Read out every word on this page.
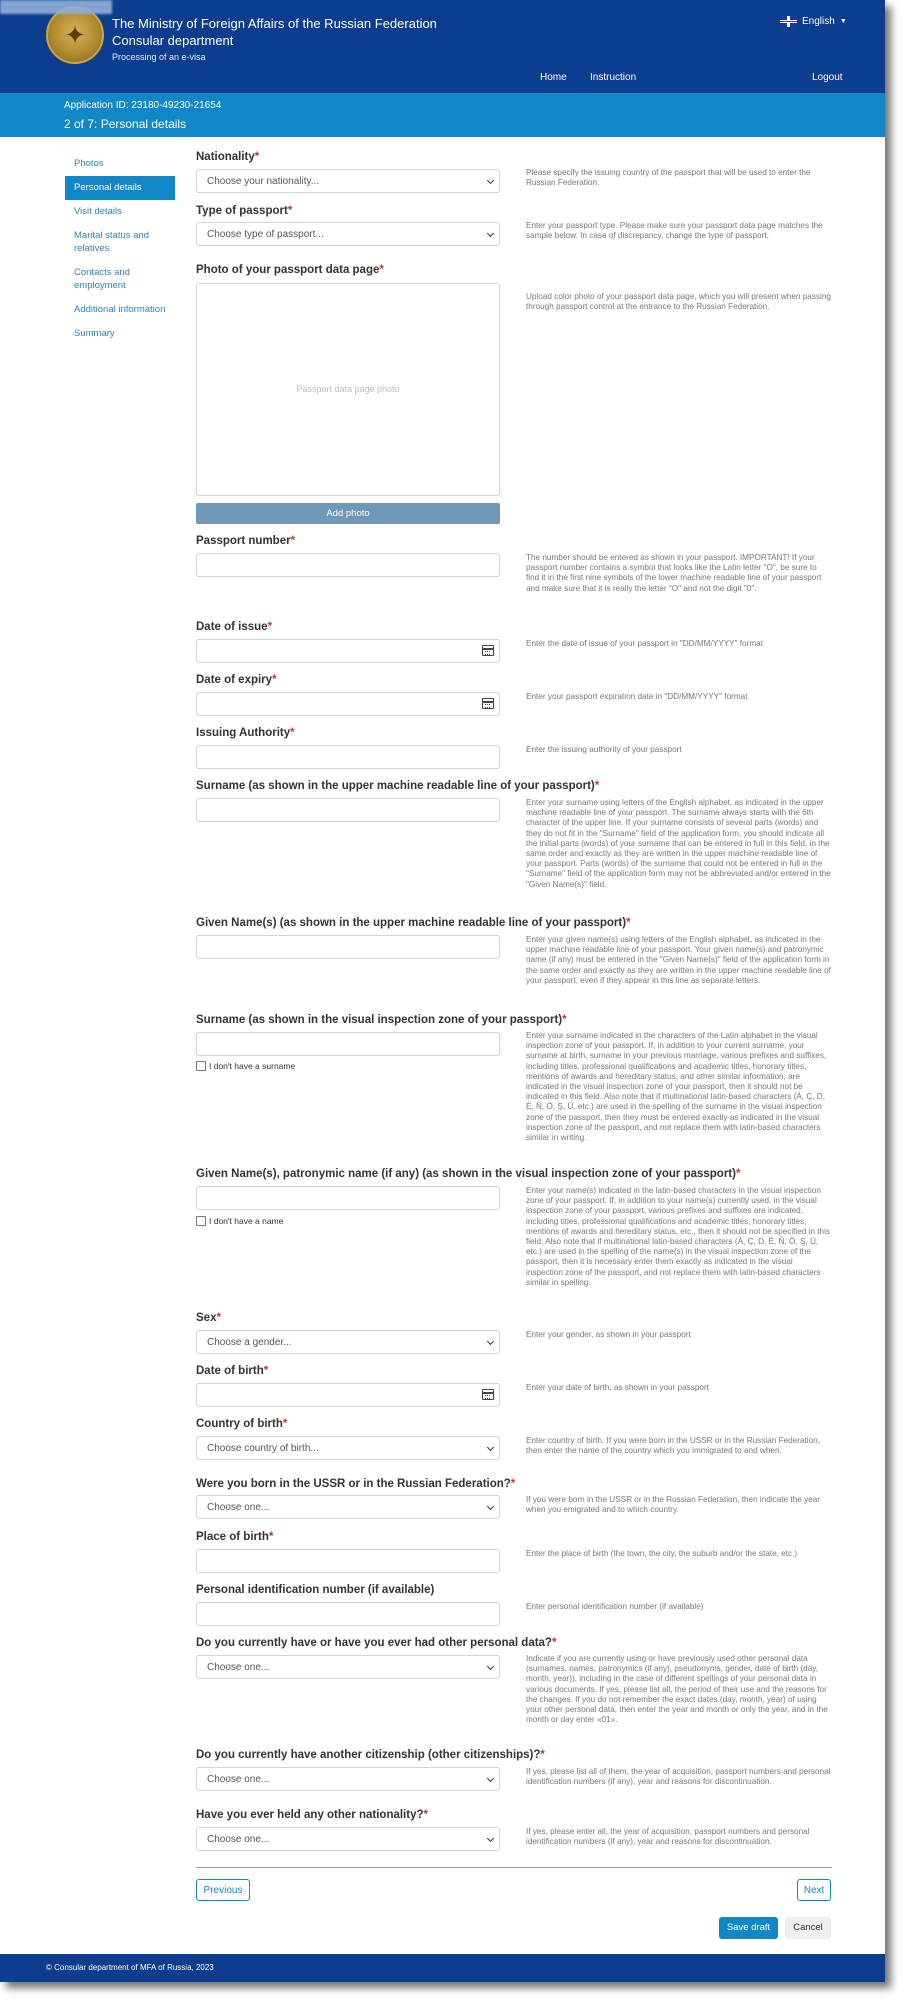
✦	The Ministry of Foreign Affairs of the Russian Federation
Consular department
Processing of an e-visa
English ▼
Home Instruction	Logout
Application ID: 23180-49230-21654
2 of 7: Personal details
Photos
Personal details
Visit details
Marital status and relatives
Contacts and employment
Additional information
Summary
Nationality*
Choose your nationality...
Please specify the issuing country of the passport that will be used to enter the Russian Federation.
Type of passport*
Choose type of passport...
Enter your passport type. Please make sure your passport data page matches the sample below. In case of discrepancy, change the type of passport.
Photo of your passport data page*
Passport data page photo
Add photo
Upload color photo of your passport data page, which you will present when passing through passport control at the entrance to the Russian Federation.
Passport number*
The number should be entered as shown in your passport. IMPORTANT! If your passport number contains a symbol that looks like the Latin letter "O", be sure to find it in the first nine symbols of the lower machine readable line of your passport and make sure that it is really the letter "O" and not the digit "0".
Date of issue*
Enter the date of issue of your passport in "DD/MM/YYYY" format
Date of expiry*
Enter your passport expiration date in "DD/MM/YYYY" format
Issuing Authority*
Enter the issuing authority of your passport
Surname (as shown in the upper machine readable line of your passport)*
Enter your surname using letters of the English alphabet, as indicated in the upper machine readable line of your passport. The surname always starts with the 6th character of the upper line. If your surname consists of several parts (words) and they do not fit in the "Surname" field of the application form, you should indicate all the initial parts (words) of your surname that can be entered in full in this field, in the same order and exactly as they are written in the upper machine readable line of your passport. Parts (words) of the surname that could not be entered in full in the "Surname" field of the application form may not be abbreviated and/or entered in the "Given Name(s)" field.
Given Name(s) (as shown in the upper machine readable line of your passport)*
Enter your given name(s) using letters of the English alphabet, as indicated in the upper machine readable line of your passport. Your given name(s) and patronymic name (if any) must be entered in the "Given Name(s)" field of the application form in the same order and exactly as they are written in the upper machine readable line of your passport, even if they appear in this line as separate letters.
Surname (as shown in the visual inspection zone of your passport)*
I don't have a surname
Enter your surname indicated in the characters of the Latin alphabet in the visual inspection zone of your passport. If, in addition to your current surname, your surname at birth, surname in your previous marriage, various prefixes and suffixes, including titles, professional qualifications and academic titles, honorary titles, mentions of awards and hereditary status, and other similar information, are indicated in the visual inspection zone of your passport, then it should not be indicated in this field. Also note that if multinational latin-based characters (Á, Ç, D, È, Ñ, Ö, Ş, Ü, etc.) are used in the spelling of the surname in the visual inspection zone of the passport, then they must be entered exactly as indicated in the visual inspection zone of the passport, and not replace them with latin-based characters similar in writing.
Given Name(s), patronymic name (if any) (as shown in the visual inspection zone of your passport)*
I don't have a name
Enter your name(s) indicated in the latin-based characters in the visual inspection zone of your passport. If, in addition to your name(s) currently used, in the visual inspection zone of your passport, various prefixes and suffixes are indicated, including titles, professional qualifications and academic titles, honorary titles, mentions of awards and hereditary status, etc., then it should not be specified in this field. Also note that if multinational latin-based characters (Á, Ç, D, È, Ñ, Ö, Ş, Ü, etc.) are used in the spelling of the name(s) in the visual inspection zone of the passport, then it is necessary enter them exactly as indicated in the visual inspection zone of the passport, and not replace them with latin-based characters similar in spelling.
Sex*
Choose a gender...
Enter your gender, as shown in your passport
Date of birth*
Enter your date of birth, as shown in your passport
Country of birth*
Choose country of birth...
Enter country of birth. If you were born in the USSR or in the Russian Federation, then enter the name of the country which you immigrated to and when.
Were you born in the USSR or in the Russian Federation?*
Choose one...
If you were born in the USSR or in the Russian Federation, then indicate the year when you emigrated and to which country.
Place of birth*
Enter the place of birth (the town, the city, the suburb and/or the state, etc.)
Personal identification number (if available)
Enter personal identification number (if available)
Do you currently have or have you ever had other personal data?*
Choose one...
Indicate if you are currently using or have previously used other personal data (surnames, names, patronymics (if any), pseudonyms, gender, date of birth (day, month, year)), including in the case of different spellings of your personal data in various documents. If yes, please list all, the period of their use and the reasons for the changes. If you do not remember the exact dates (day, month, year) of using your other personal data, then enter the year and month or only the year, and in the month or day enter «01».
Do you currently have another citizenship (other citizenships)?*
Choose one...
If yes, please list all of them, the year of acquisition, passport numbers and personal identification numbers (if any), year and reasons for discontinuation.
Have you ever held any other nationality?*
Choose one...
If yes, please enter all, the year of acquisition, passport numbers and personal identification numbers (if any), year and reasons for discontinuation.
Previous	Next
Save draft	Cancel
© Consular department of MFA of Russia, 2023
